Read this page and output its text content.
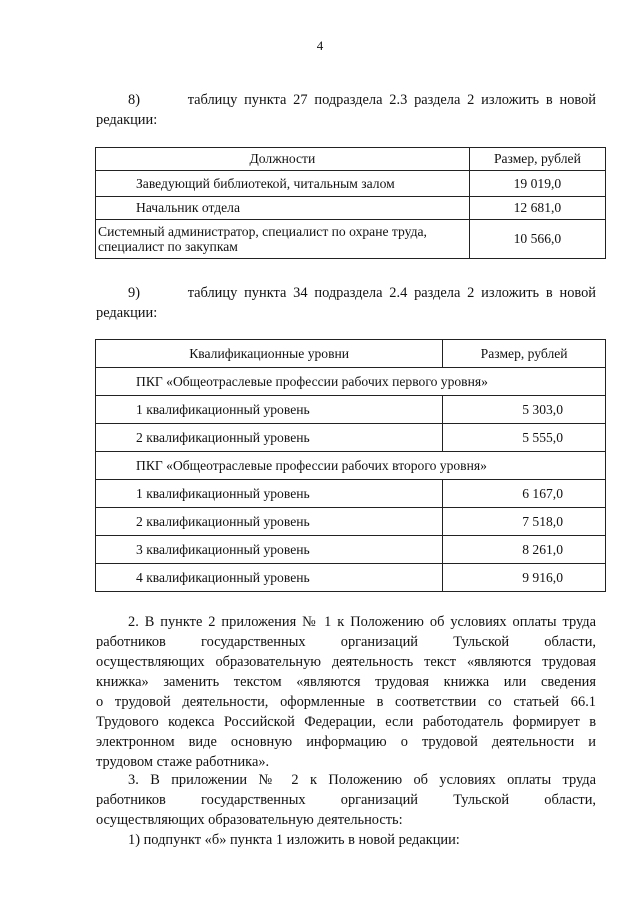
4
8)       таблицу пункта 27 подраздела 2.3 раздела 2 изложить в новой
редакции:
Должности	Размер, рублей
Заведующий библиотекой, читальным залом	19 019,0
Начальник отдела	12 681,0
Системный администратор, специалист по охране труда, специалист по закупкам	10 566,0
9)       таблицу пункта 34 подраздела 2.4 раздела 2 изложить в новой
редакции:
Квалификационные уровни	Размер, рублей
ПКГ «Общеотраслевые профессии рабочих первого уровня»	
1 квалификационный уровень	5 303,0
2 квалификационный уровень	5 555,0
ПКГ «Общеотраслевые профессии рабочих второго уровня»	
1 квалификационный уровень	6 167,0
2 квалификационный уровень	7 518,0
3 квалификационный уровень	8 261,0
4 квалификационный уровень	9 916,0
2. В пункте 2 приложения № 1 к Положению об условиях оплаты труда
работников государственных организаций Тульской области,
осуществляющих образовательную деятельность текст «являются трудовая
книжка» заменить текстом «являются трудовая книжка или сведения
о трудовой деятельности, оформленные в соответствии со статьей 66.1
Трудового кодекса Российской Федерации, если работодатель формирует в
электронном виде основную информацию о трудовой деятельности и
трудовом стаже работника».
3. В приложении № 2 к Положению об условиях оплаты труда
работников государственных организаций Тульской области,
осуществляющих образовательную деятельность:
1) подпункт «б» пункта 1 изложить в новой редакции:
